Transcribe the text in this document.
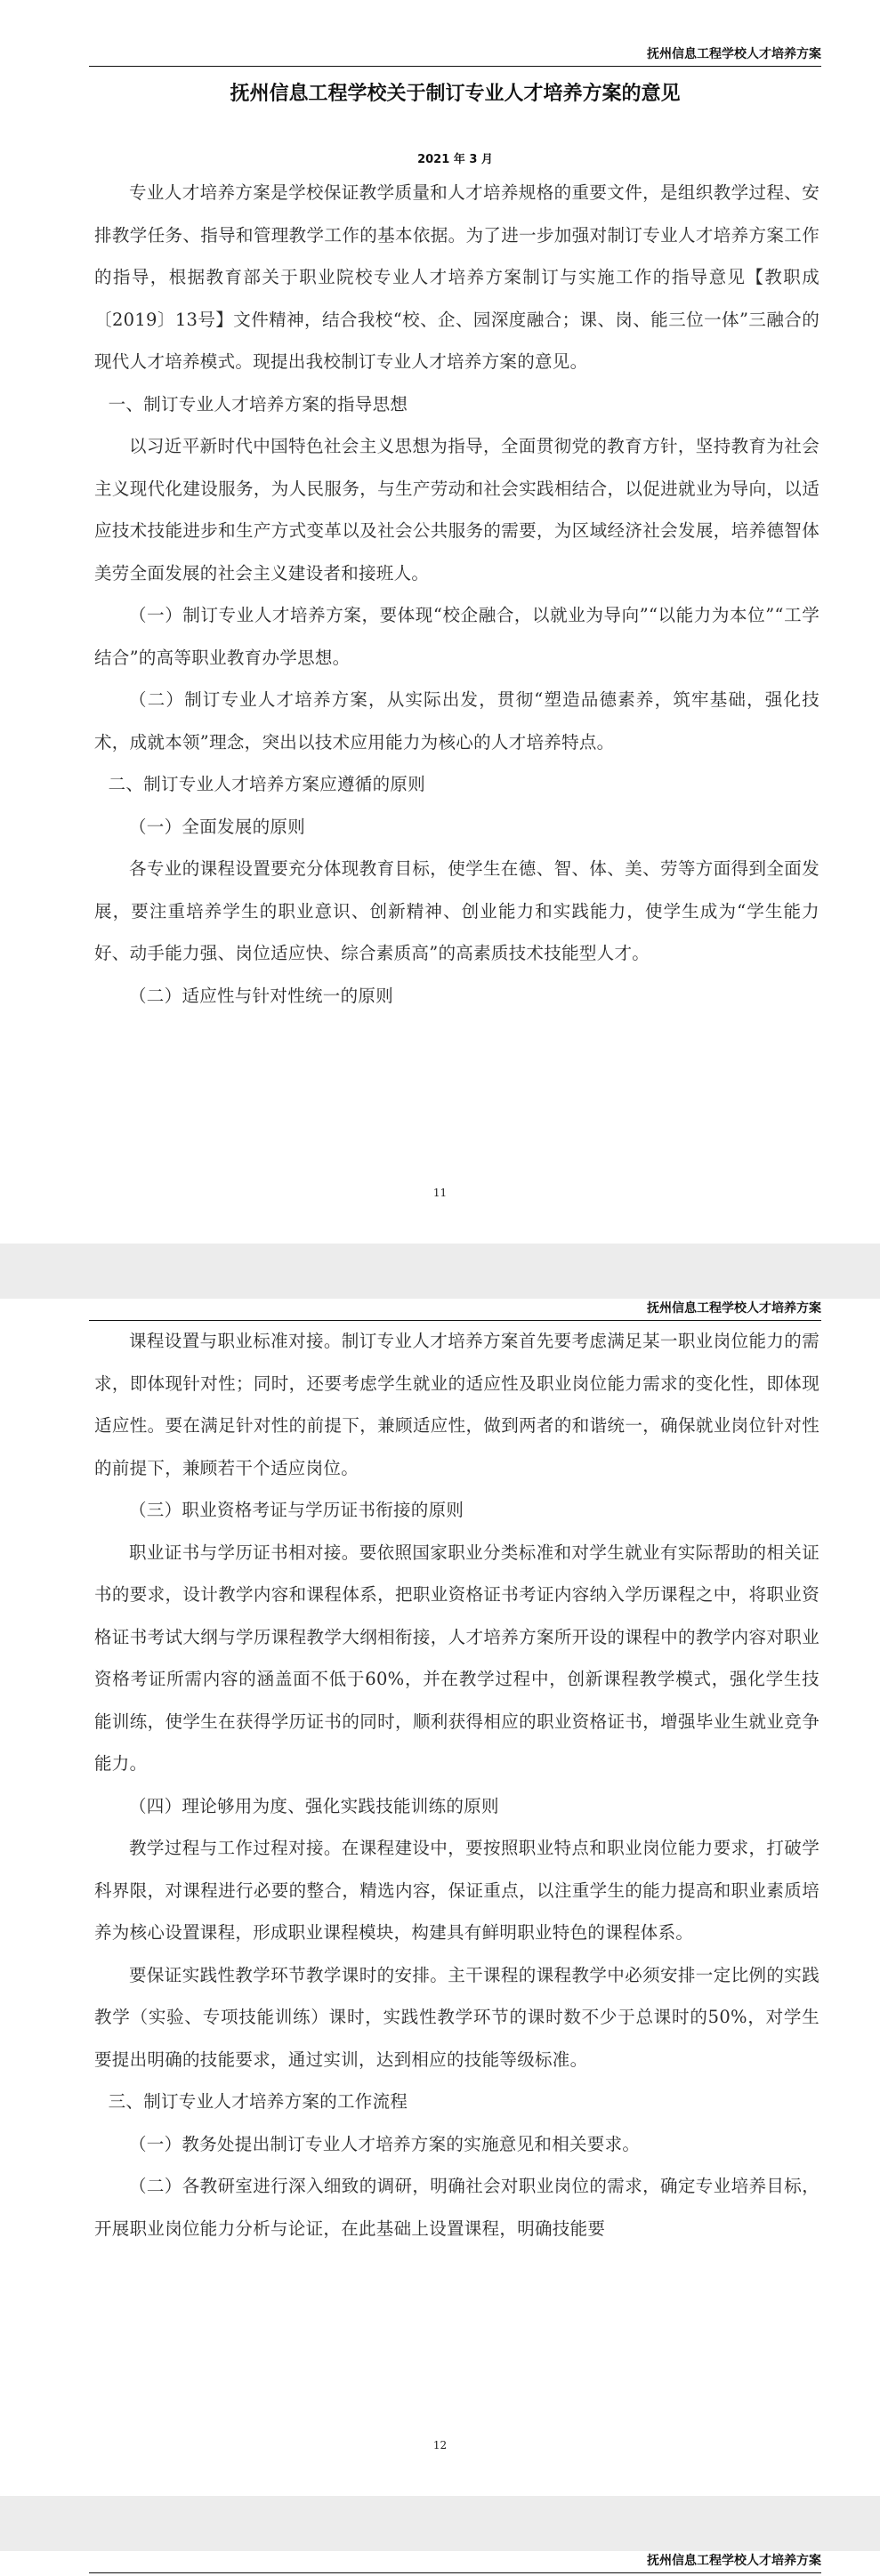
抚州信息工程学校人才培养方案
抚州信息工程学校关于制订专业人才培养方案的意见
2021 年 3 月

专业人才培养方案是学校保证教学质量和人才培养规格的重要文件，是组织教学过程、安排教学任务、指导和管理教学工作的基本依据。为了进一步加强对制订专业人才培养方案工作的指导，根据教育部关于职业院校专业人才培养方案制订与实施工作的指导意见【教职成〔2019〕13号】文件精神，结合我校“校、企、园深度融合；课、岗、能三位一体”三融合的现代人才培养模式。现提出我校制订专业人才培养方案的意见。

一、制订专业人才培养方案的指导思想

以习近平新时代中国特色社会主义思想为指导，全面贯彻党的教育方针，坚持教育为社会主义现代化建设服务，为人民服务，与生产劳动和社会实践相结合，以促进就业为导向，以适应技术技能进步和生产方式变革以及社会公共服务的需要，为区域经济社会发展，培养德智体美劳全面发展的社会主义建设者和接班人。

（一）制订专业人才培养方案，要体现“校企融合，以就业为导向”“以能力为本位”“工学结合”的高等职业教育办学思想。

（二）制订专业人才培养方案，从实际出发，贯彻“塑造品德素养，筑牢基础，强化技术，成就本领”理念，突出以技术应用能力为核心的人才培养特点。

二、制订专业人才培养方案应遵循的原则

（一）全面发展的原则

各专业的课程设置要充分体现教育目标，使学生在德、智、体、美、劳等方面得到全面发展，要注重培养学生的职业意识、创新精神、创业能力和实践能力，使学生成为“学生能力好、动手能力强、岗位适应快、综合素质高”的高素质技术技能型人才。

（二）适应性与针对性统一的原则

11
抚州信息工程学校人才培养方案

课程设置与职业标准对接。制订专业人才培养方案首先要考虑满足某一职业岗位能力的需求，即体现针对性；同时，还要考虑学生就业的适应性及职业岗位能力需求的变化性，即体现适应性。要在满足针对性的前提下，兼顾适应性，做到两者的和谐统一，确保就业岗位针对性的前提下，兼顾若干个适应岗位。

（三）职业资格考证与学历证书衔接的原则

职业证书与学历证书相对接。要依照国家职业分类标准和对学生就业有实际帮助的相关证书的要求，设计教学内容和课程体系，把职业资格证书考证内容纳入学历课程之中，将职业资格证书考试大纲与学历课程教学大纲相衔接，人才培养方案所开设的课程中的教学内容对职业资格考证所需内容的涵盖面不低于60%，并在教学过程中，创新课程教学模式，强化学生技能训练，使学生在获得学历证书的同时，顺利获得相应的职业资格证书，增强毕业生就业竞争能力。

（四）理论够用为度、强化实践技能训练的原则

教学过程与工作过程对接。在课程建设中，要按照职业特点和职业岗位能力要求，打破学科界限，对课程进行必要的整合，精选内容，保证重点，以注重学生的能力提高和职业素质培养为核心设置课程，形成职业课程模块，构建具有鲜明职业特色的课程体系。

要保证实践性教学环节教学课时的安排。主干课程的课程教学中必须安排一定比例的实践教学（实验、专项技能训练）课时，实践性教学环节的课时数不少于总课时的50%，对学生要提出明确的技能要求，通过实训，达到相应的技能等级标准。

三、制订专业人才培养方案的工作流程

（一）教务处提出制订专业人才培养方案的实施意见和相关要求。

（二）各教研室进行深入细致的调研，明确社会对职业岗位的需求，确定专业培养目标，开展职业岗位能力分析与论证，在此基础上设置课程，明确技能要

12
抚州信息工程学校人才培养方案
